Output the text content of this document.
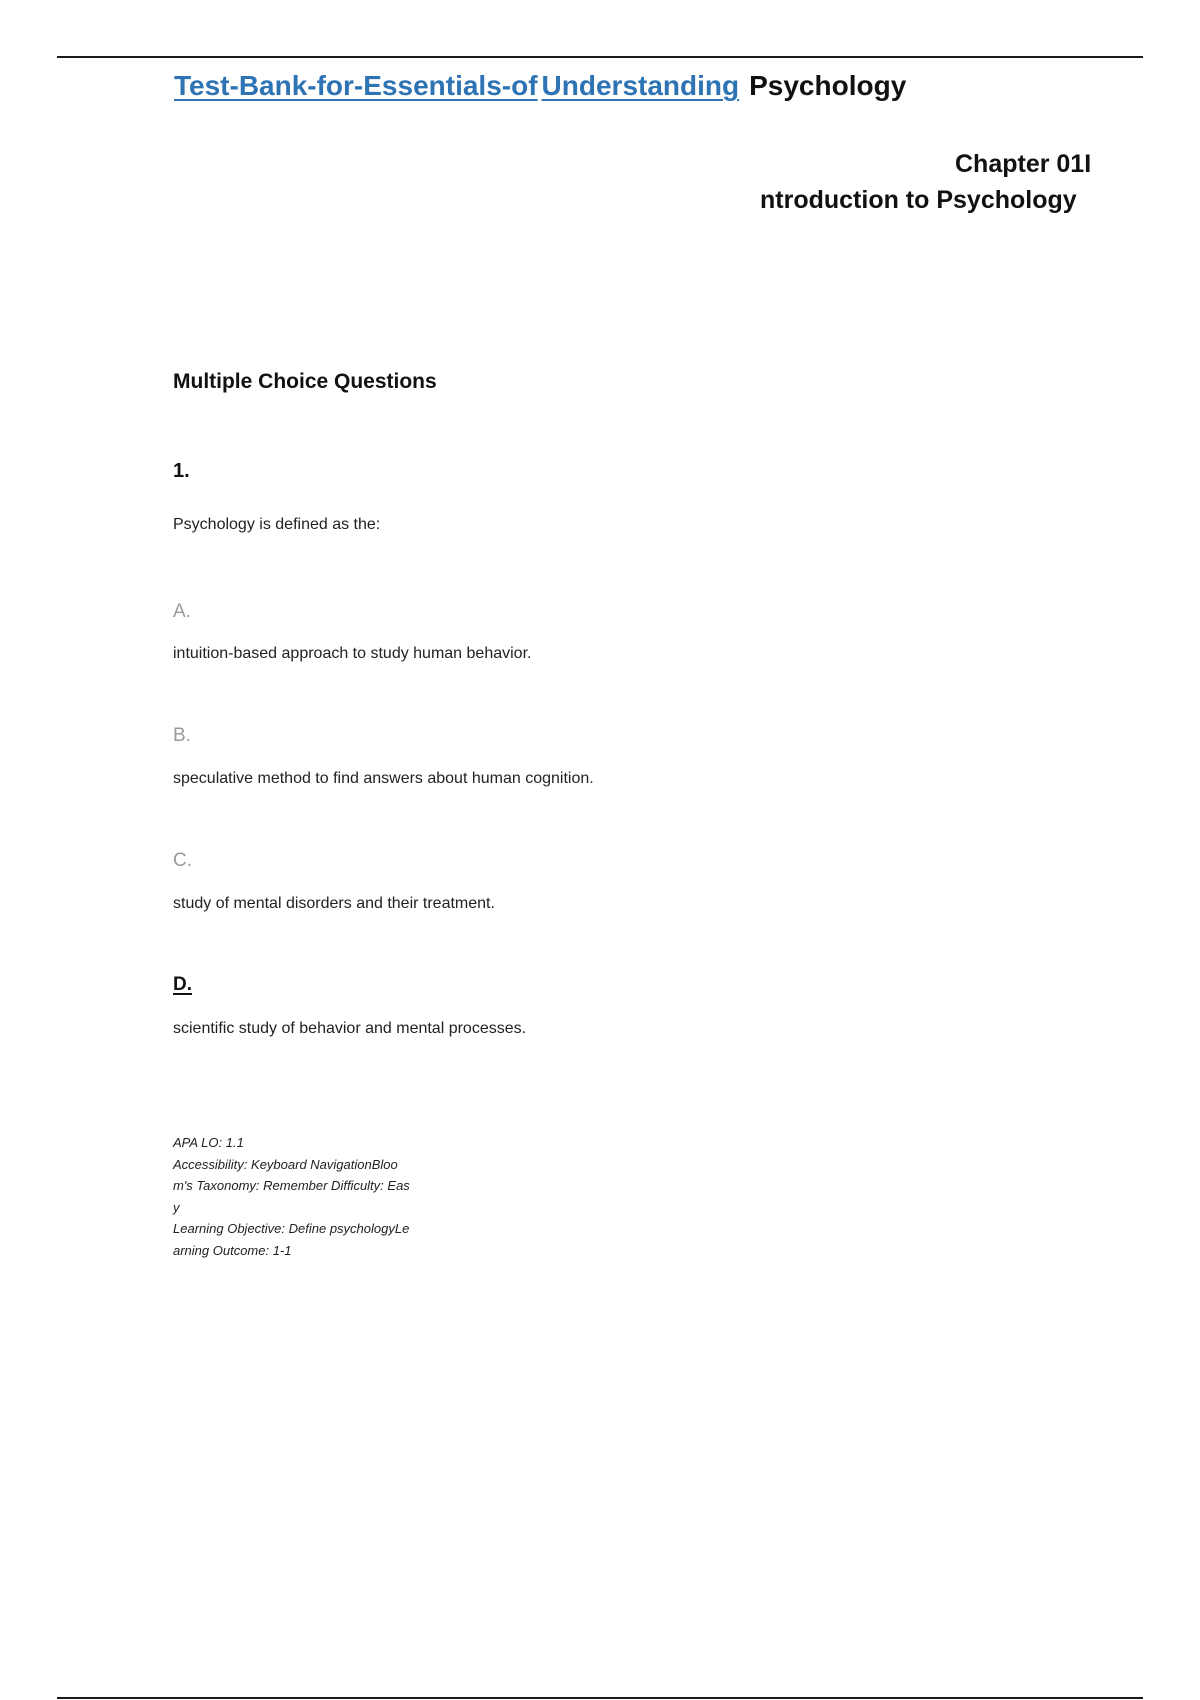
Test-Bank-for-Essentials-of Understanding Psychology
Chapter 01I
ntroduction to Psychology
Multiple Choice Questions
1.
Psychology is defined as the:
A.
intuition-based approach to study human behavior.
B.
speculative method to find answers about human cognition.
C.
study of mental disorders and their treatment.
D.
scientific study of behavior and mental processes.
APA LO: 1.1
Accessibility: Keyboard NavigationBloo
m's Taxonomy: Remember Difficulty: Eas
y
Learning Objective: Define psychologyLe
arning Outcome: 1-1
